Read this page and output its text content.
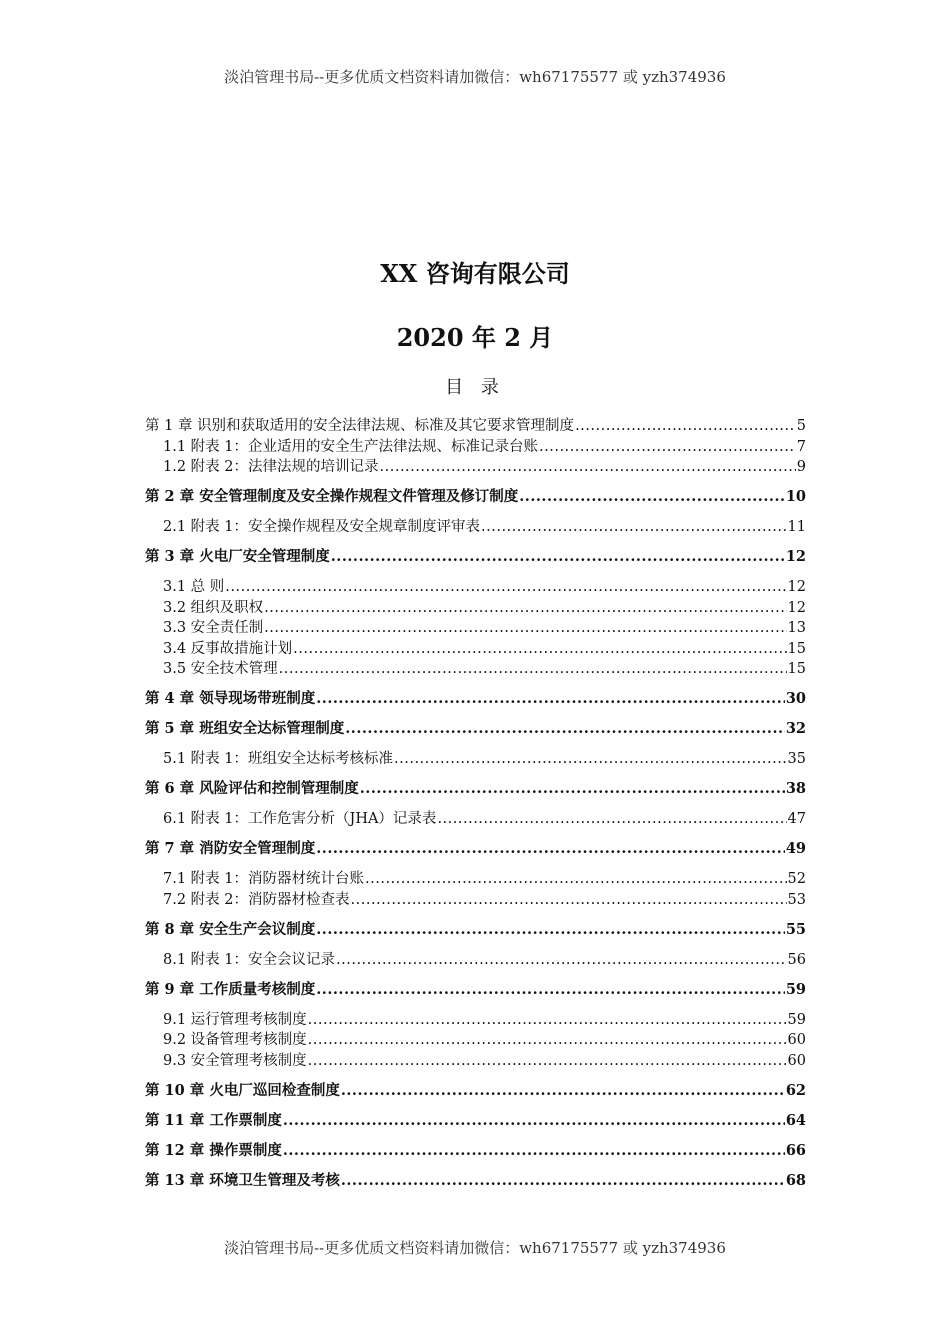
淡泊管理书局--更多优质文档资料请加微信：wh67175577 或 yzh374936
XX 咨询有限公司
2020 年 2 月
目 录
第 1 章 识别和获取适用的安全法律法规、标准及其它要求管理制度 .....	5
1.1 附表 1：企业适用的安全生产法律法规、标准记录台账 .....	7
1.2 附表 2：法律法规的培训记录 .....	9
第 2 章 安全管理制度及安全操作规程文件管理及修订制度 .....	10
2.1 附表 1：安全操作规程及安全规章制度评审表 .....	11
第 3 章 火电厂安全管理制度 .....	12
3.1 总 则 .....	12
3.2 组织及职权 .....	12
3.3 安全责任制 .....	13
3.4 反事故措施计划 .....	15
3.5 安全技术管理 .....	15
第 4 章 领导现场带班制度 .....	30
第 5 章 班组安全达标管理制度 .....	32
5.1 附表 1：班组安全达标考核标准 .....	35
第 6 章 风险评估和控制管理制度 .....	38
6.1 附表 1：工作危害分析（JHA）记录表 .....	47
第 7 章 消防安全管理制度 .....	49
7.1 附表 1：消防器材统计台账 .....	52
7.2 附表 2：消防器材检查表 .....	53
第 8 章 安全生产会议制度 .....	55
8.1 附表 1：安全会议记录 .....	56
第 9 章 工作质量考核制度 .....	59
9.1 运行管理考核制度 .....	59
9.2 设备管理考核制度 .....	60
9.3 安全管理考核制度 .....	60
第 10 章 火电厂巡回检查制度 .....	62
第 11 章 工作票制度 .....	64
第 12 章 操作票制度 .....	66
第 13 章 环境卫生管理及考核 .....	68
淡泊管理书局--更多优质文档资料请加微信：wh67175577 或 yzh374936
